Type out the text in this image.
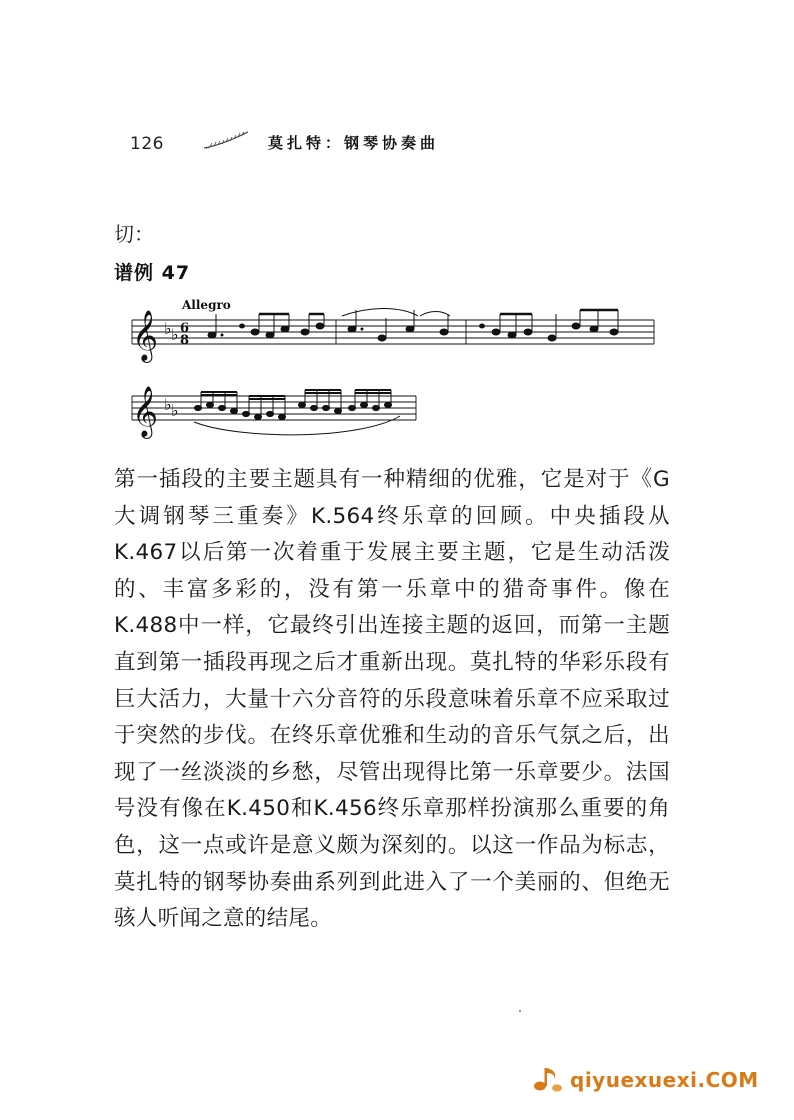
126	莫扎特：钢琴协奏曲
切：
谱例 47
Allegro
𝄞 ♭ ♭ 6
8
𝄞 ♭ ♭

第一插段的主要主题具有一种精细的优雅，它是对于《G大调钢琴三重奏》K.564终乐章的回顾。中央插段从K.467以后第一次着重于发展主要主题，它是生动活泼的、丰富多彩的，没有第一乐章中的猎奇事件。像在K.488中一样，它最终引出连接主题的返回，而第一主题直到第一插段再现之后才重新出现。莫扎特的华彩乐段有巨大活力，大量十六分音符的乐段意味着乐章不应采取过于突然的步伐。在终乐章优雅和生动的音乐气氛之后，出现了一丝淡淡的乡愁，尽管出现得比第一乐章要少。法国号没有像在K.450和K.456终乐章那样扮演那么重要的角色，这一点或许是意义颇为深刻的。以这一作品为标志，莫扎特的钢琴协奏曲系列到此进入了一个美丽的、但绝无骇人听闻之意的结尾。

qiyuexuexi.COM
